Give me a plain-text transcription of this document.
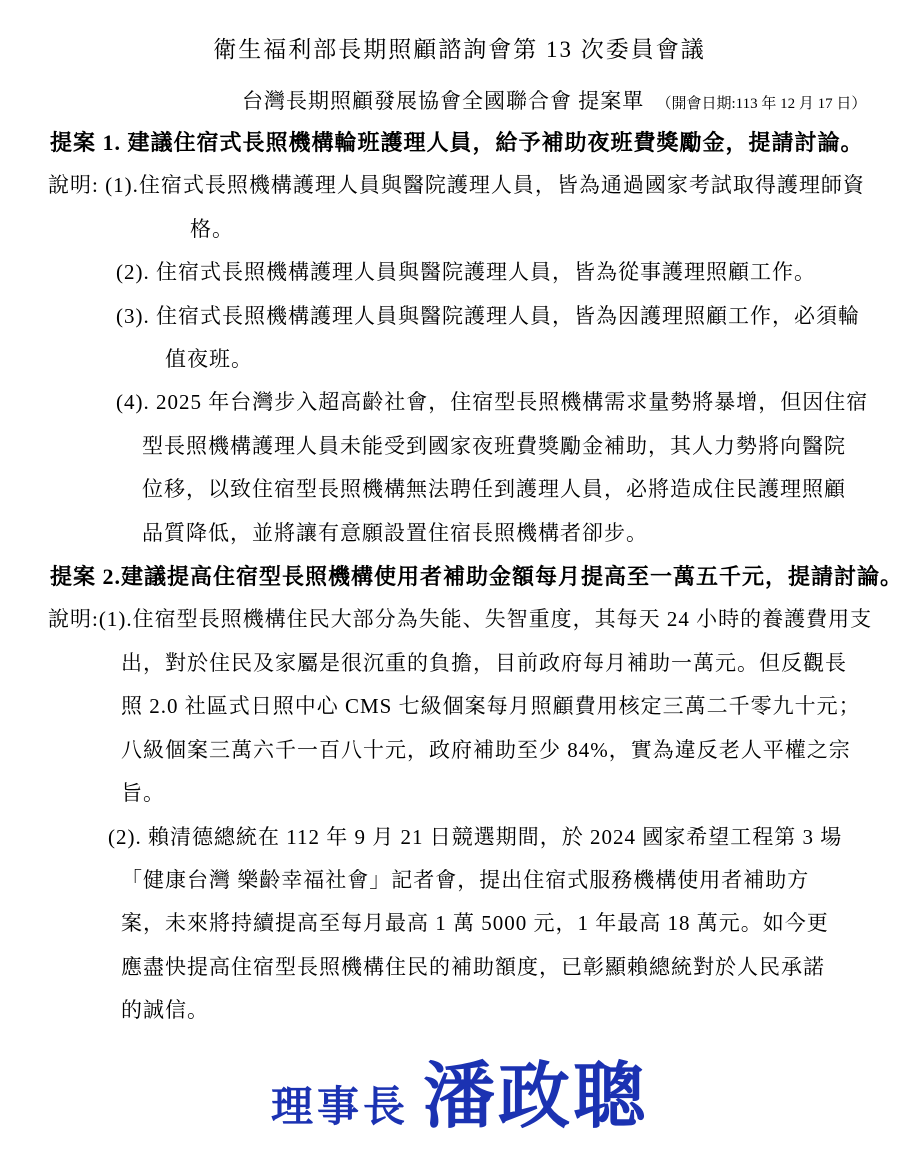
衛生福利部長期照顧諮詢會第 13 次委員會議
台灣長期照顧發展協會全國聯合會 提案單 （開會日期:113 年 12 月 17 日）
提案 1. 建議住宿式長照機構輪班護理人員，給予補助夜班費獎勵金，提請討論。
說明: (1).住宿式長照機構護理人員與醫院護理人員，皆為通過國家考試取得護理師資
格。
(2). 住宿式長照機構護理人員與醫院護理人員，皆為從事護理照顧工作。
(3). 住宿式長照機構護理人員與醫院護理人員，皆為因護理照顧工作，必須輪
值夜班。
(4). 2025 年台灣步入超高齡社會，住宿型長照機構需求量勢將暴增，但因住宿
型長照機構護理人員未能受到國家夜班費獎勵金補助，其人力勢將向醫院
位移，以致住宿型長照機構無法聘任到護理人員，必將造成住民護理照顧
品質降低，並將讓有意願設置住宿長照機構者卻步。
提案 2.建議提高住宿型長照機構使用者補助金額每月提高至一萬五千元，提請討論。
說明:(1).住宿型長照機構住民大部分為失能、失智重度，其每天 24 小時的養護費用支
出，對於住民及家屬是很沉重的負擔，目前政府每月補助一萬元。但反觀長
照 2.0 社區式日照中心 CMS 七級個案每月照顧費用核定三萬二千零九十元；
八級個案三萬六千一百八十元，政府補助至少 84%，實為違反老人平權之宗
旨。
(2). 賴清德總統在 112 年 9 月 21 日競選期間，於 2024 國家希望工程第 3 場
「健康台灣 樂齡幸福社會」記者會，提出住宿式服務機構使用者補助方
案，未來將持續提高至每月最高 1 萬 5000 元，1 年最高 18 萬元。如今更
應盡快提高住宿型長照機構住民的補助額度，已彰顯賴總統對於人民承諾
的誠信。
理事長 潘政聰
